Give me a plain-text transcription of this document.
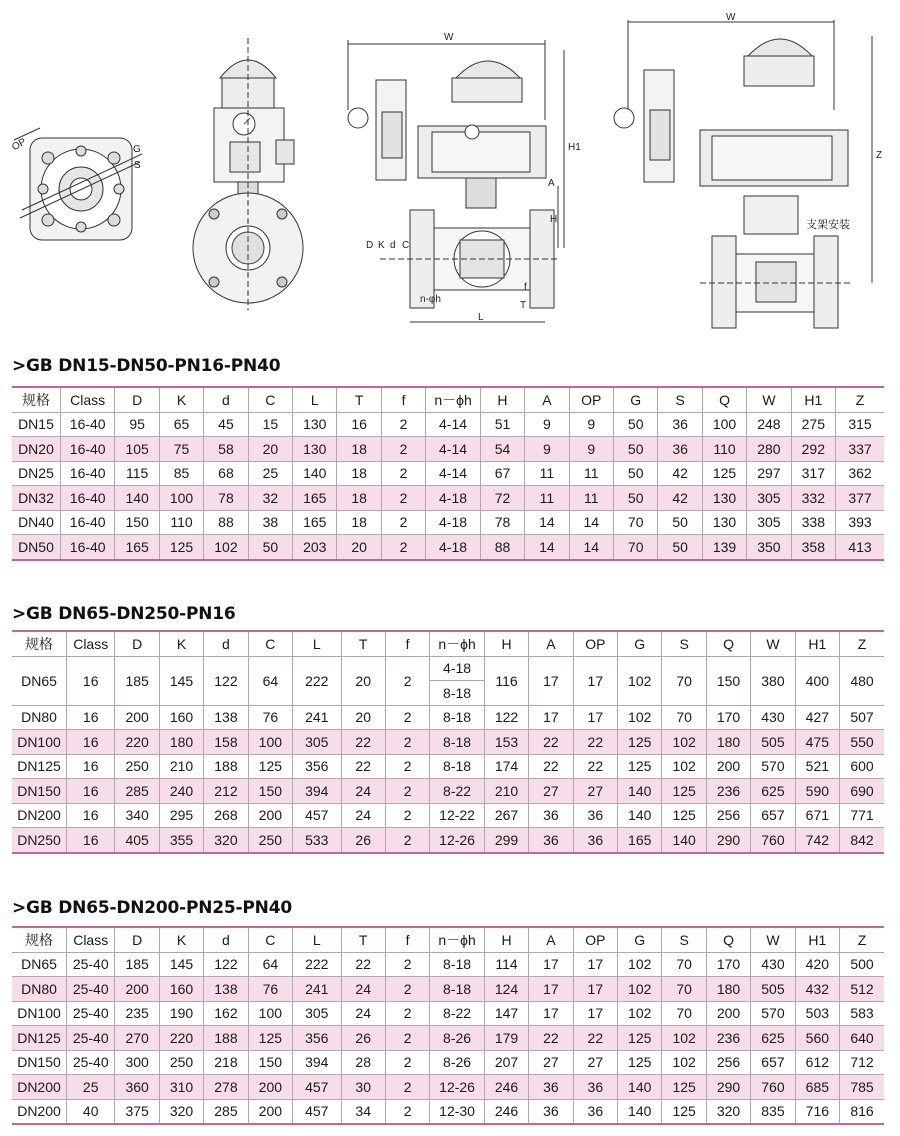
OP	G
S
W
H1
A
H
D K d C
n-φh
L
T
f
W
Z
支架安装
>GB DN15-DN50-PN16-PN40
规格	Class	D	K	d	C	L	T	f	n－ϕh	H	A	OP	G	S	Q	W	H1	Z
DN15	16-40	95	65	45	15	130	16	2	4-14	51	9	9	50	36	100	248	275	315
DN20	16-40	105	75	58	20	130	18	2	4-14	54	9	9	50	36	110	280	292	337
DN25	16-40	115	85	68	25	140	18	2	4-14	67	11	11	50	42	125	297	317	362
DN32	16-40	140	100	78	32	165	18	2	4-18	72	11	11	50	42	130	305	332	377
DN40	16-40	150	110	88	38	165	18	2	4-18	78	14	14	70	50	130	305	338	393
DN50	16-40	165	125	102	50	203	20	2	4-18	88	14	14	70	50	139	350	358	413
>GB DN65-DN250-PN16
规格	Class	D	K	d	C	L	T	f	n－ϕh	H	A	OP	G	S	Q	W	H1	Z
DN65	16	185	145	122	64	222	20	2	4-18	116	17	17	102	70	150	380	400	480
									8-18									
DN80	16	200	160	138	76	241	20	2	8-18	122	17	17	102	70	170	430	427	507
DN100	16	220	180	158	100	305	22	2	8-18	153	22	22	125	102	180	505	475	550
DN125	16	250	210	188	125	356	22	2	8-18	174	22	22	125	102	200	570	521	600
DN150	16	285	240	212	150	394	24	2	8-22	210	27	27	140	125	236	625	590	690
DN200	16	340	295	268	200	457	24	2	12-22	267	36	36	140	125	256	657	671	771
DN250	16	405	355	320	250	533	26	2	12-26	299	36	36	165	140	290	760	742	842
>GB DN65-DN200-PN25-PN40
规格	Class	D	K	d	C	L	T	f	n－ϕh	H	A	OP	G	S	Q	W	H1	Z
DN65	25-40	185	145	122	64	222	22	2	8-18	114	17	17	102	70	170	430	420	500
DN80	25-40	200	160	138	76	241	24	2	8-18	124	17	17	102	70	180	505	432	512
DN100	25-40	235	190	162	100	305	24	2	8-22	147	17	17	102	70	200	570	503	583
DN125	25-40	270	220	188	125	356	26	2	8-26	179	22	22	125	102	236	625	560	640
DN150	25-40	300	250	218	150	394	28	2	8-26	207	27	27	125	102	256	657	612	712
DN200	25	360	310	278	200	457	30	2	12-26	246	36	36	140	125	290	760	685	785
DN200	40	375	320	285	200	457	34	2	12-30	246	36	36	140	125	320	835	716	816
